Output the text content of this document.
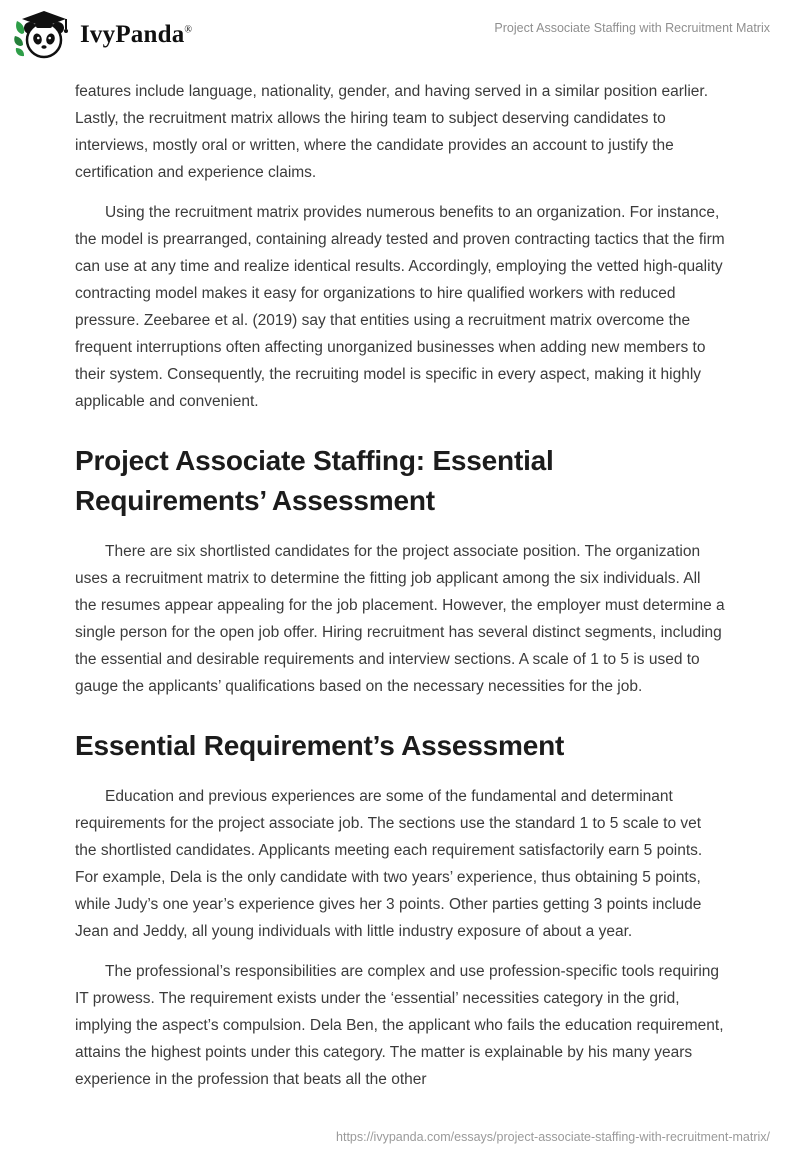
IvyPanda®	Project Associate Staffing with Recruitment Matrix

features include language, nationality, gender, and having served in a similar position earlier. Lastly, the recruitment matrix allows the hiring team to subject deserving candidates to interviews, mostly oral or written, where the candidate provides an account to justify the certification and experience claims.

Using the recruitment matrix provides numerous benefits to an organization. For instance, the model is prearranged, containing already tested and proven contracting tactics that the firm can use at any time and realize identical results. Accordingly, employing the vetted high-quality contracting model makes it easy for organizations to hire qualified workers with reduced pressure. Zeebaree et al. (2019) say that entities using a recruitment matrix overcome the frequent interruptions often affecting unorganized businesses when adding new members to their system. Consequently, the recruiting model is specific in every aspect, making it highly applicable and convenient.

Project Associate Staffing: Essential Requirements’ Assessment

There are six shortlisted candidates for the project associate position. The organization uses a recruitment matrix to determine the fitting job applicant among the six individuals. All the resumes appear appealing for the job placement. However, the employer must determine a single person for the open job offer. Hiring recruitment has several distinct segments, including the essential and desirable requirements and interview sections. A scale of 1 to 5 is used to gauge the applicants’ qualifications based on the necessary necessities for the job.

Essential Requirement’s Assessment

Education and previous experiences are some of the fundamental and determinant requirements for the project associate job. The sections use the standard 1 to 5 scale to vet the shortlisted candidates. Applicants meeting each requirement satisfactorily earn 5 points. For example, Dela is the only candidate with two years’ experience, thus obtaining 5 points, while Judy’s one year’s experience gives her 3 points. Other parties getting 3 points include Jean and Jeddy, all young individuals with little industry exposure of about a year.

The professional’s responsibilities are complex and use profession-specific tools requiring IT prowess. The requirement exists under the ‘essential’ necessities category in the grid, implying the aspect’s compulsion. Dela Ben, the applicant who fails the education requirement, attains the highest points under this category. The matter is explainable by his many years experience in the profession that beats all the other

https://ivypanda.com/essays/project-associate-staffing-with-recruitment-matrix/
